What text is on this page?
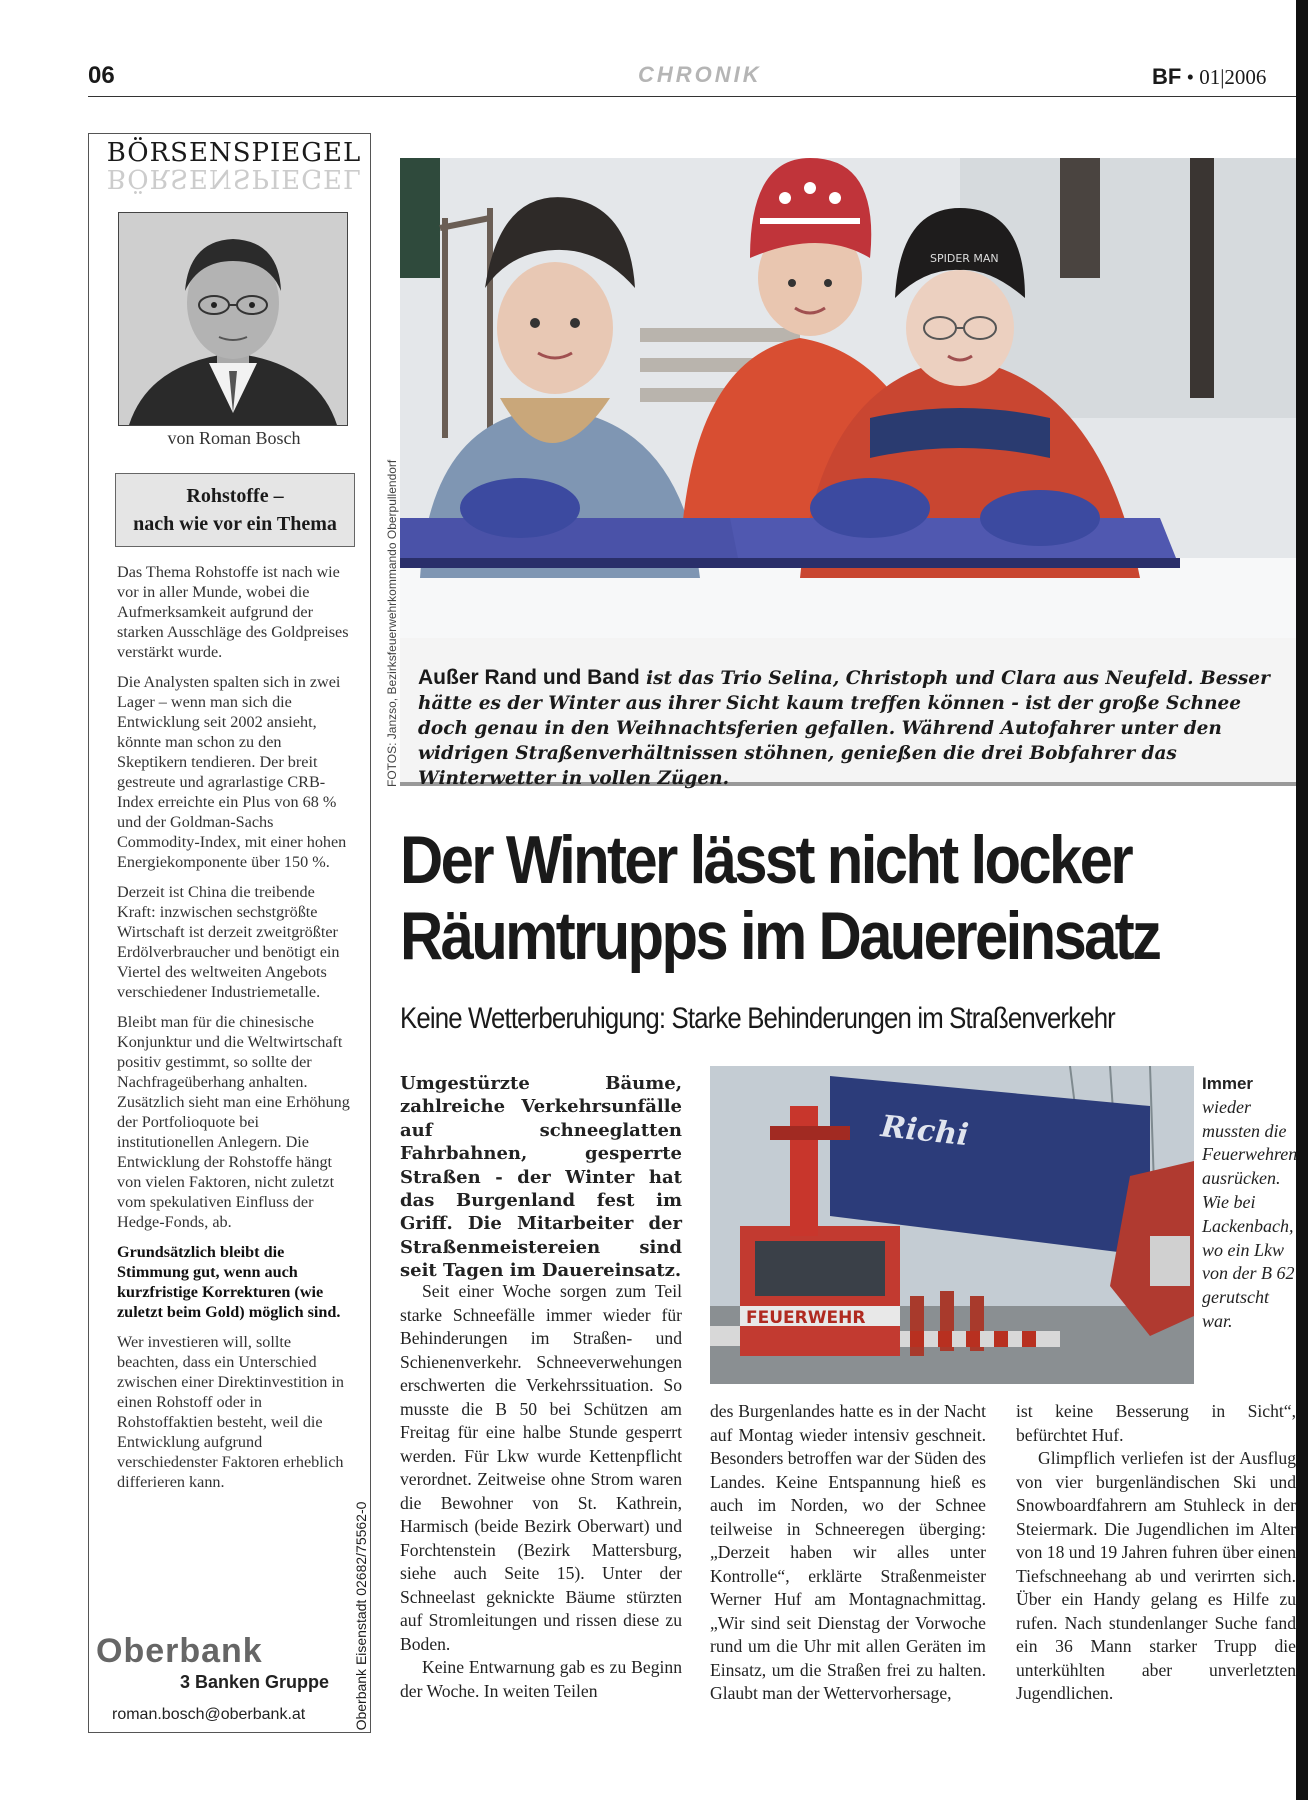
06	CHRONIK	BF • 01|2006
BÖRSENSPIEGEL
BÖRSENSPIEGEL
von Roman Bosch
Rohstoffe –
nach wie vor ein Thema

Das Thema Rohstoffe ist nach wie vor in aller Munde, wobei die Aufmerksamkeit aufgrund der starken Ausschläge des Goldpreises verstärkt wurde.

Die Analysten spalten sich in zwei Lager – wenn man sich die Entwicklung seit 2002 ansieht, könnte man schon zu den Skeptikern tendieren. Der breit gestreute und agrarlastige CRB-Index erreichte ein Plus von 68 % und der Goldman-Sachs Commodity-Index, mit einer hohen Energiekomponente über 150 %.

Derzeit ist China die treibende Kraft: inzwischen sechstgrößte Wirtschaft ist derzeit zweitgrößter Erdölverbraucher und benötigt ein Viertel des weltweiten Angebots verschiedener Industriemetalle.

Bleibt man für die chinesische Konjunktur und die Weltwirtschaft positiv gestimmt, so sollte der Nachfrageüberhang anhalten. Zusätzlich sieht man eine Erhöhung der Portfolioquote bei institutionellen Anlegern. Die Entwicklung der Rohstoffe hängt von vielen Faktoren, nicht zuletzt vom spekulativen Einfluss der Hedge-Fonds, ab.

Grundsätzlich bleibt die Stimmung gut, wenn auch kurzfristige Korrekturen (wie zuletzt beim Gold) möglich sind.

Wer investieren will, sollte beachten, dass ein Unterschied zwischen einer Direktinvestition in einen Rohstoff oder in Rohstoffaktien besteht, weil die Entwicklung aufgrund verschiedenster Faktoren erheblich differieren kann.

Oberbank Eisenstadt 02682/75562-0
Oberbank
3 Banken Gruppe
roman.bosch@oberbank.at
FOTOS: Janzso, Bezirksfeuerwehrkommando Oberpullendorf
SPIDER MAN
Außer Rand und Band ist das Trio Selina, Christoph und Clara aus Neufeld. Besser hätte es der Winter aus ihrer Sicht kaum treffen können - ist der große Schnee doch genau in den Weihnachtsferien gefallen. Während Autofahrer unter den widrigen Straßenverhältnissen stöhnen, genießen die drei Bobfahrer das Winterwetter in vollen Zügen.
Der Winter lässt nicht locker
Räumtrupps im Dauereinsatz
Keine Wetterberuhigung: Starke Behinderungen im Straßenverkehr
Umgestürzte Bäume, zahlreiche Verkehrsunfälle auf schneeglatten Fahrbahnen, gesperrte Straßen - der Winter hat das Burgenland fest im Griff. Die Mitarbeiter der Straßenmeistereien sind seit Tagen im Dauereinsatz.

Seit einer Woche sorgen zum Teil starke Schneefälle immer wieder für Behinderungen im Straßen- und Schienenverkehr. Schneeverwehungen erschwerten die Verkehrssituation. So musste die B 50 bei Schützen am Freitag für eine halbe Stunde gesperrt werden. Für Lkw wurde Kettenpflicht verordnet. Zeitweise ohne Strom waren die Bewohner von St. Kathrein, Harmisch (beide Bezirk Oberwart) und Forchtenstein (Bezirk Mattersburg, siehe auch Seite 15). Unter der Schneelast geknickte Bäume stürzten auf Stromleitungen und rissen diese zu Boden.

Keine Entwarnung gab es zu Beginn der Woche. In weiten Teilen

des Burgenlandes hatte es in der Nacht auf Montag wieder intensiv geschneit. Besonders betroffen war der Süden des Landes. Keine Entspannung hieß es auch im Norden, wo der Schnee teilweise in Schneeregen überging: „Derzeit haben wir alles unter Kontrolle“, erklärte Straßenmeister Werner Huf am Montagnachmittag. „Wir sind seit Dienstag der Vorwoche rund um die Uhr mit allen Geräten im Einsatz, um die Straßen frei zu halten. Glaubt man der Wettervorhersage,

ist keine Besserung in Sicht“, befürchtet Huf.

Glimpflich verliefen ist der Ausflug von vier burgenländischen Ski und Snowboardfahrern am Stuhleck in der Steiermark. Die Jugendlichen im Alter von 18 und 19 Jahren fuhren über einen Tiefschneehang ab und verirrten sich. Über ein Handy gelang es Hilfe zu rufen. Nach stundenlanger Suche fand ein 36 Mann starker Trupp die unterkühlten aber unverletzten Jugendlichen.

Richi
FEUERWEHR
Immer wieder mussten die Feuerwehren ausrücken. Wie bei Lackenbach, wo ein Lkw von der B 62 gerutscht war.
